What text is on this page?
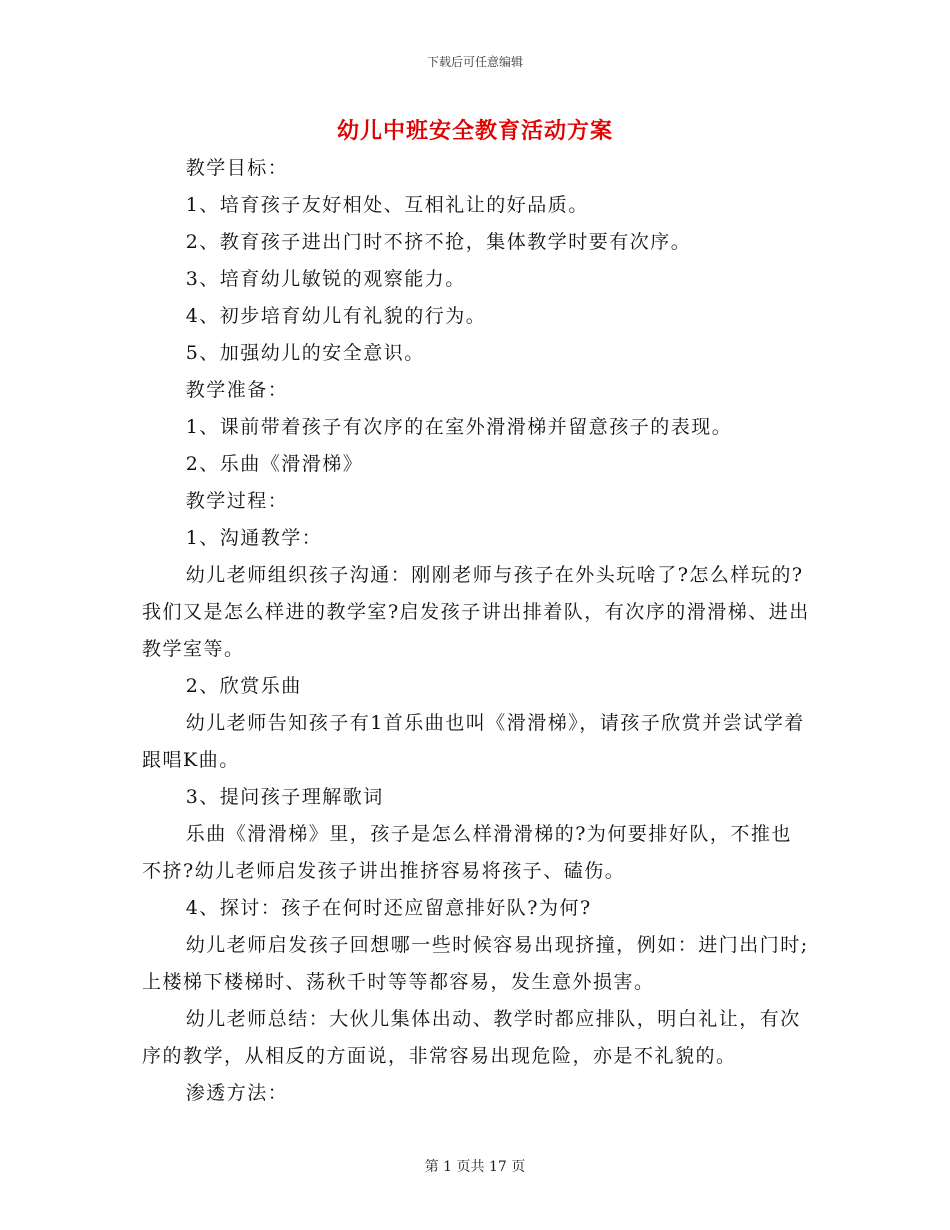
下载后可任意编辑
幼儿中班安全教育活动方案

教学目标：

1、培育孩子友好相处、互相礼让的好品质。

2、教育孩子进出门时不挤不抢，集体教学时要有次序。

3、培育幼儿敏锐的观察能力。

4、初步培育幼儿有礼貌的行为。

5、加强幼儿的安全意识。

教学准备：

1、课前带着孩子有次序的在室外滑滑梯并留意孩子的表现。

2、乐曲《滑滑梯》

教学过程：

1、沟通教学：

幼儿老师组织孩子沟通：刚刚老师与孩子在外头玩啥了?怎么样玩的?我们又是怎么样进的教学室?启发孩子讲出排着队，有次序的滑滑梯、进出教学室等。

2、欣赏乐曲

幼儿老师告知孩子有1首乐曲也叫《滑滑梯》，请孩子欣赏并尝试学着跟唱K曲。

3、提问孩子理解歌词

乐曲《滑滑梯》里，孩子是怎么样滑滑梯的?为何要排好队，不推也不挤?幼儿老师启发孩子讲出推挤容易将孩子、磕伤。

4、探讨：孩子在何时还应留意排好队?为何?

幼儿老师启发孩子回想哪一些时候容易出现挤撞，例如：进门出门时;上楼梯下楼梯时、荡秋千时等等都容易，发生意外损害。

幼儿老师总结：大伙儿集体出动、教学时都应排队，明白礼让，有次序的教学，从相反的方面说，非常容易出现危险，亦是不礼貌的。

渗透方法：

第 1 页共 17 页
